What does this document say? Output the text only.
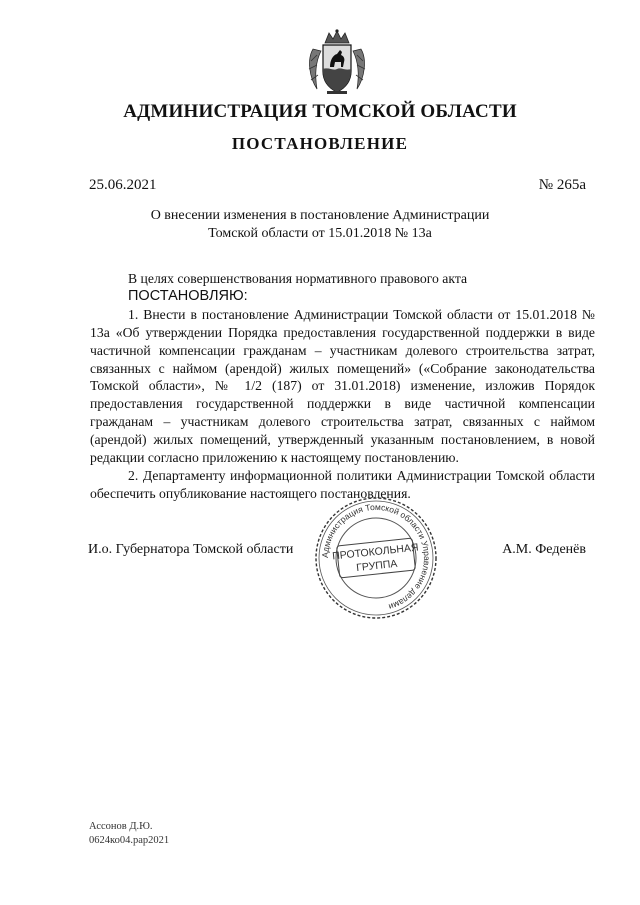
АДМИНИСТРАЦИЯ ТОМСКОЙ ОБЛАСТИ
ПОСТАНОВЛЕНИЕ
25.06.2021	№ 265а
О внесении изменения в постановление Администрации
Томской области от 15.01.2018 № 13а

В целях совершенствования нормативного правового акта

ПОСТАНОВЛЯЮ:

1. Внести в постановление Администрации Томской области от 15.01.2018 № 13а «Об утверждении Порядка предоставления государственной поддержки в виде частичной компенсации гражданам – участникам долевого строительства затрат, связанных с наймом (арендой) жилых помещений» («Собрание законодательства Томской области», № 1/2 (187) от 31.01.2018) изменение, изложив Порядок предоставления государственной поддержки в виде частичной компенсации гражданам – участникам долевого строительства затрат, связанных с наймом (арендой) жилых помещений, утвержденный указанным постановлением, в новой редакции согласно приложению к настоящему постановлению.

2. Департаменту информационной политики Администрации Томской области обеспечить опубликование настоящего постановления.

И.о. Губернатора Томской области	А.М. Феденёв
Администрация Томской области Управление делами
ПРОТОКОЛЬНАЯ
ГРУППА
Ассонов Д.Ю.
0624ко04.рар2021
